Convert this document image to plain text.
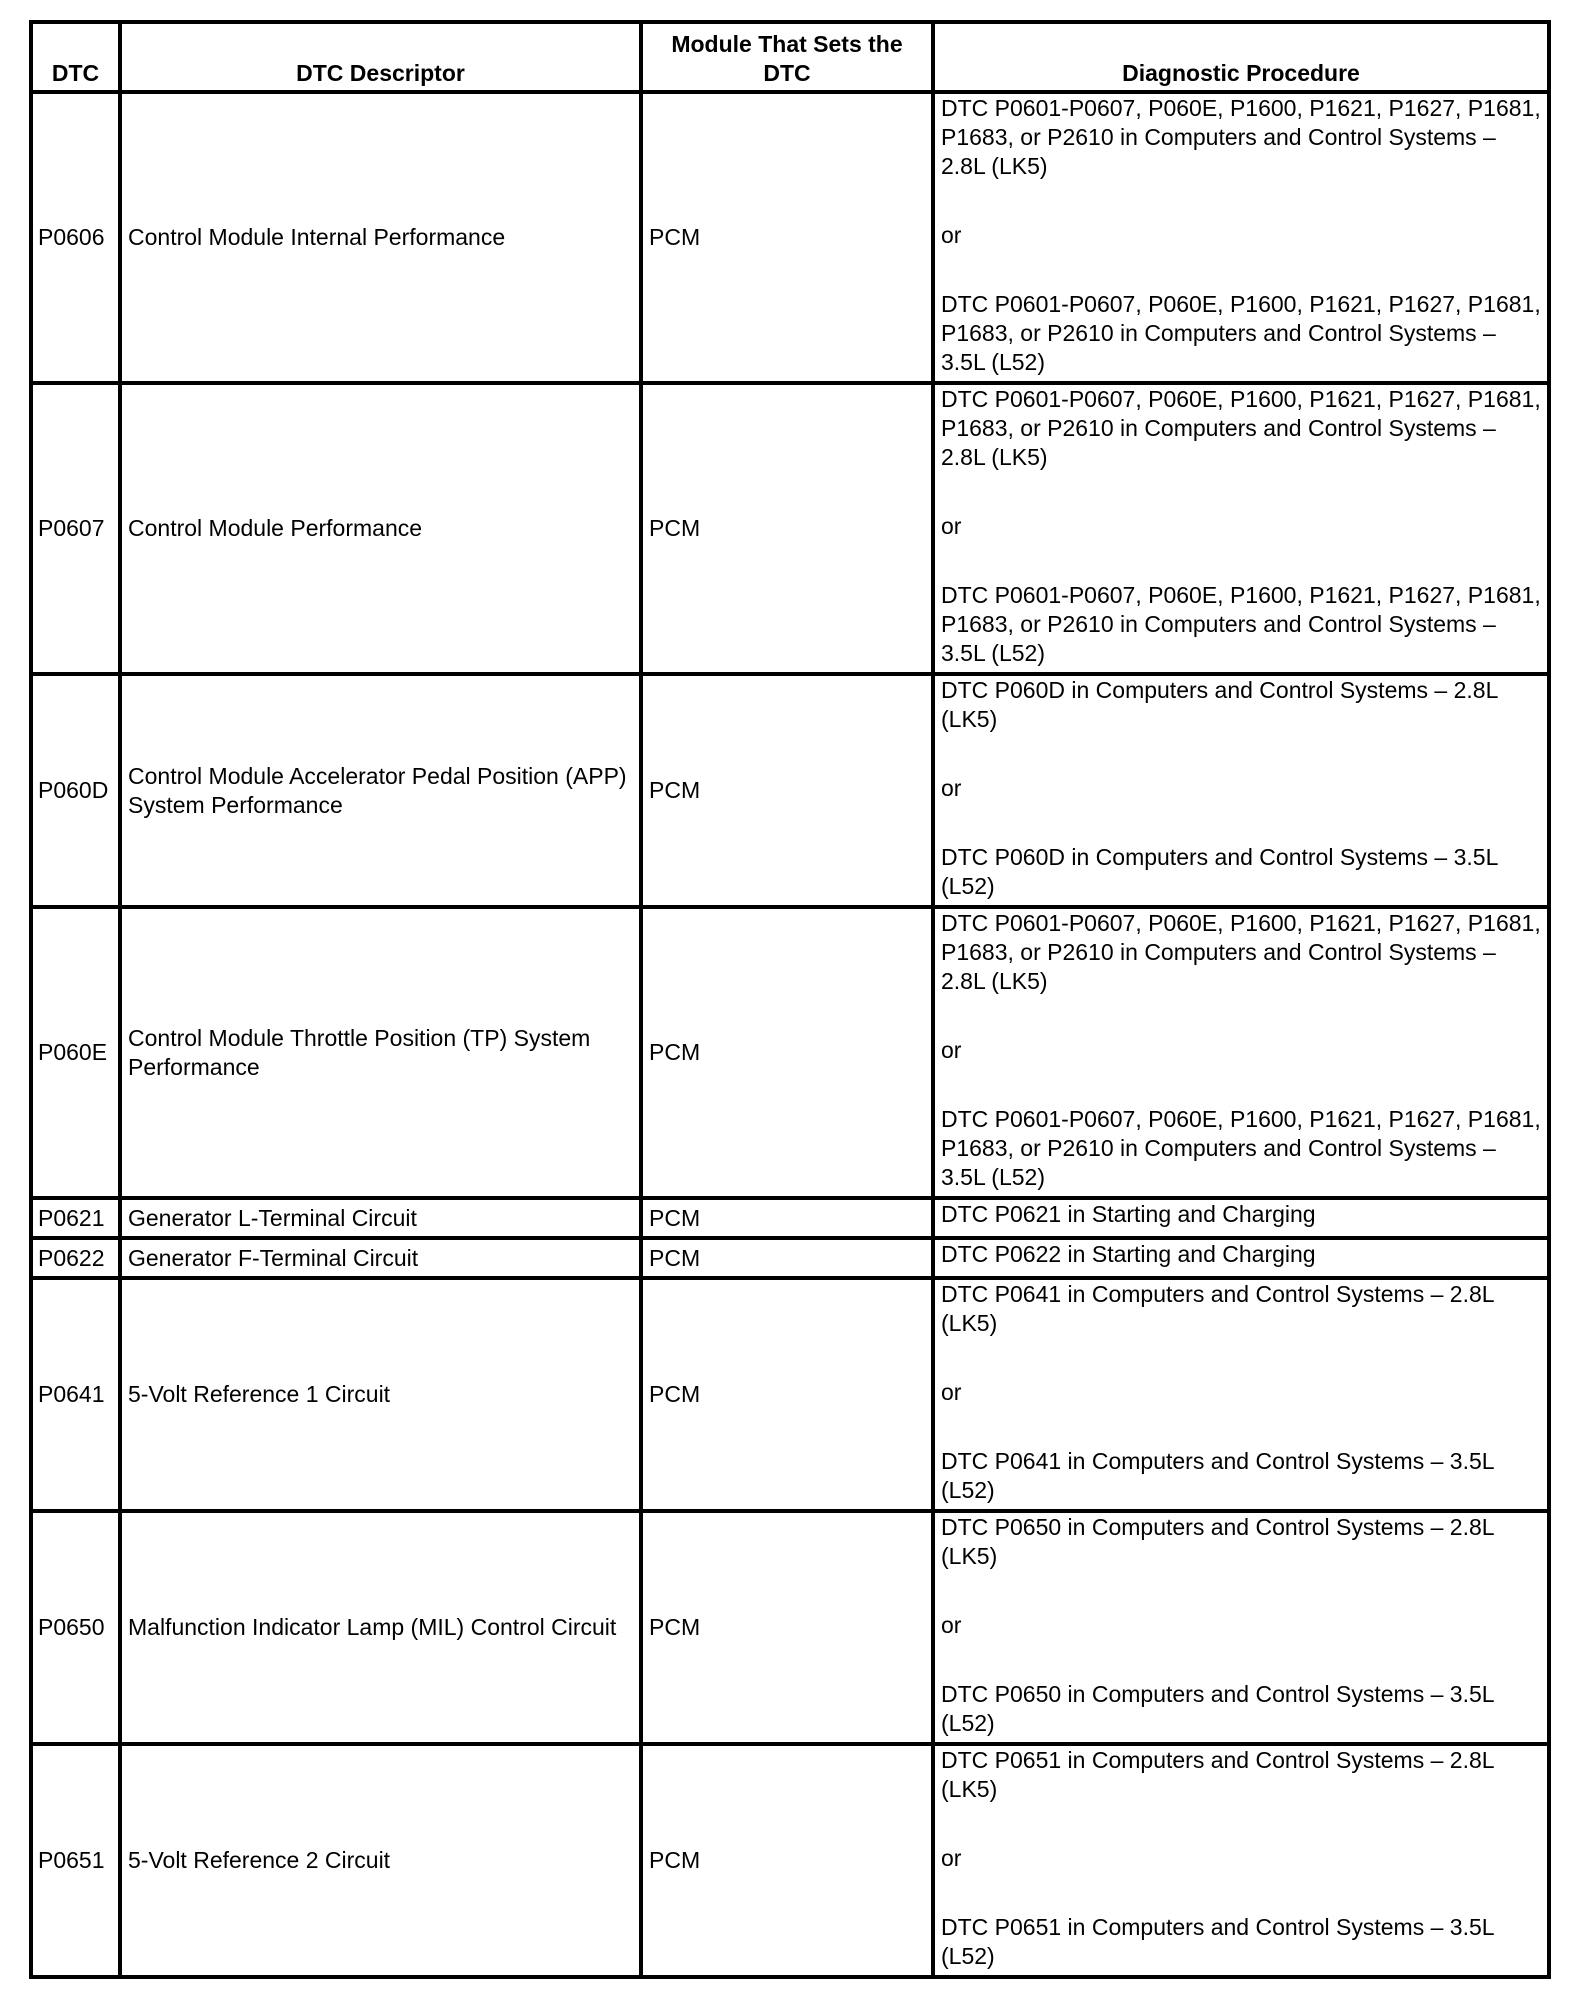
DTC	DTC Descriptor	Module That Sets the DTC	Diagnostic Procedure
P0606	Control Module Internal Performance	PCM	DTC P0601-P0607, P060E, P1600, P1621, P1627, P1681, P1683, or P2610 in Computers and Control Systems – 2.8L (LK5)
or
DTC P0601-P0607, P060E, P1600, P1621, P1627, P1681, P1683, or P2610 in Computers and Control Systems – 3.5L (L52)

P0607	Control Module Performance	PCM	DTC P0601-P0607, P060E, P1600, P1621, P1627, P1681, P1683, or P2610 in Computers and Control Systems – 2.8L (LK5)
or
DTC P0601-P0607, P060E, P1600, P1621, P1627, P1681, P1683, or P2610 in Computers and Control Systems – 3.5L (L52)

P060D	Control Module Accelerator Pedal Position (APP) System Performance	PCM	DTC P060D in Computers and Control Systems – 2.8L (LK5)
or
DTC P060D in Computers and Control Systems – 3.5L (L52)

P060E	Control Module Throttle Position (TP) System Performance	PCM	DTC P0601-P0607, P060E, P1600, P1621, P1627, P1681, P1683, or P2610 in Computers and Control Systems – 2.8L (LK5)
or
DTC P0601-P0607, P060E, P1600, P1621, P1627, P1681, P1683, or P2610 in Computers and Control Systems – 3.5L (L52)

P0621	Generator L-Terminal Circuit	PCM	DTC P0621 in Starting and Charging

P0622	Generator F-Terminal Circuit	PCM	DTC P0622 in Starting and Charging

P0641	5-Volt Reference 1 Circuit	PCM	DTC P0641 in Computers and Control Systems – 2.8L (LK5)
or
DTC P0641 in Computers and Control Systems – 3.5L (L52)

P0650	Malfunction Indicator Lamp (MIL) Control Circuit	PCM	DTC P0650 in Computers and Control Systems – 2.8L (LK5)
or
DTC P0650 in Computers and Control Systems – 3.5L (L52)

P0651	5-Volt Reference 2 Circuit	PCM	DTC P0651 in Computers and Control Systems – 2.8L (LK5)
or
DTC P0651 in Computers and Control Systems – 3.5L (L52)
